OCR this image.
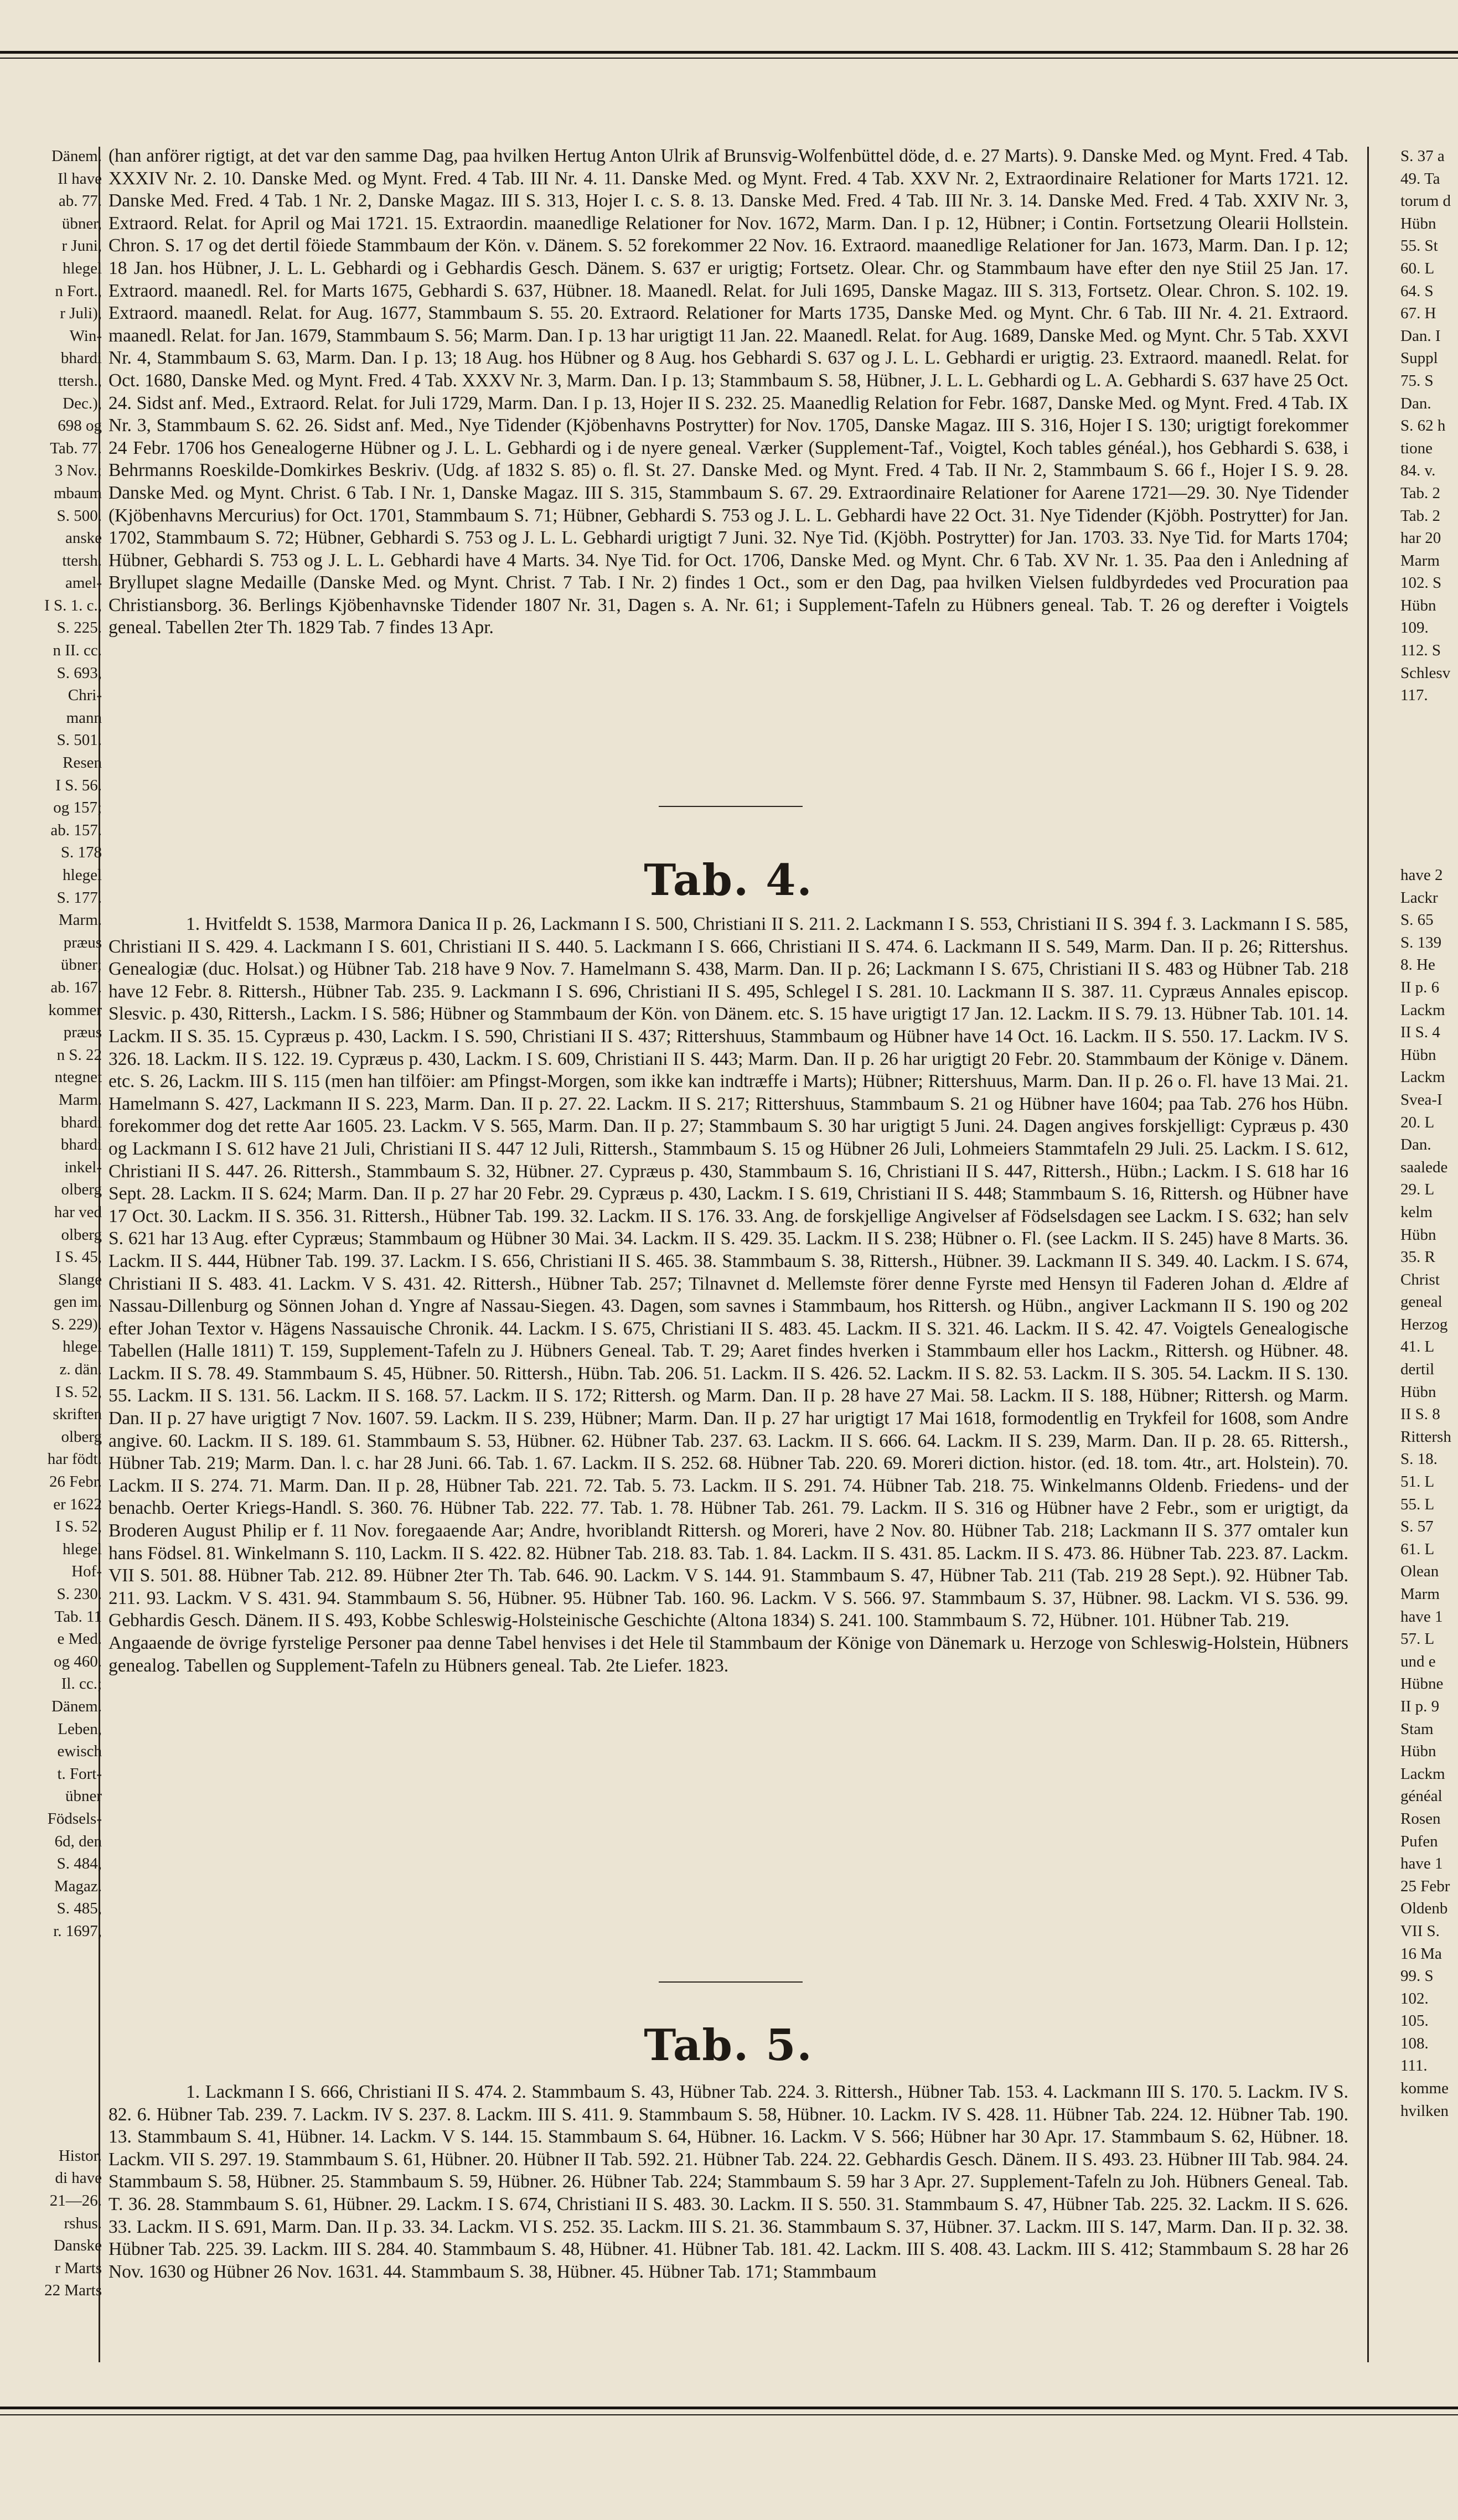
Dänem.
Il have
ab. 77.
übner,
r Juni,
hlegel
n Fort.,
r Juli),
Win-
bhardi
ttersh.,
Dec.),
698 og
Tab. 77.
3 Nov.;
mbaum
S. 500.
anske
ttersh.
amel-
I S. 1. c.,
S. 225.
n II. cc.
S. 693,
Chri-
mann
S. 501.
Resen
I S. 56.
og 157;
ab. 157.
S. 178
hlegel
S. 177.
Marm.
præus
übner;
ab. 167.
kommer
præus
n S. 22
ntegnet
Marm.
bhardi
bhardi
inkel-
olberg
har ved
olberg
I S. 45,
Slange
gen im.
S. 229).
hlegel
z. dän.
I S. 52,
skriften
olberg
har födt.
26 Febr.
er 1622
I S. 52,
hlegel
Hof-
S. 230.
Tab. 11
e Med.
og 460.
Il. cc.;
Dänem.
Leben,
ewisch
t. Fort-
übner
Födsels-
6d, den
S. 484,
Magaz.
S. 485,
r. 1697,
Histor.
di have
21—26.
rshus.
Danske
r Marts
22 Marts
S. 37 a
49. Ta
torum d
Hübn
55. St
60. L
64. S
67. H
Dan. I
Suppl
75. S
Dan.
S. 62 h
tione
84. v.
Tab. 2
Tab. 2
har 20
Marm
102. S
Hübn
109.
112. S
Schlesv
117.
have 2
Lackr
S. 65
S. 139
8. He
II p. 6
Lackm
II S. 4
Hübn
Lackm
Svea-I
20. L
Dan.
saalede
29. L
kelm
Hübn
35. R
Christ
geneal
Herzog
41. L
dertil
Hübn
II S. 8
Rittersh
S. 18.
51. L
55. L
S. 57
61. L
Olean
Marm
have 1
57. L
und e
Hübne
II p. 9
Stam
Hübn
Lackm
généal
Rosen
Pufen
have 1
25 Febr
Oldenb
VII S.
16 Ma
99. S
102.
105.
108.
111.
komme
hvilken

(han anförer rigtigt, at det var den samme Dag, paa hvilken Hertug Anton Ulrik af Brunsvig-Wolfenbüttel döde, d. e. 27 Marts). 9. Danske Med. og Mynt. Fred. 4 Tab. XXXIV Nr. 2. 10. Danske Med. og Mynt. Fred. 4 Tab. III Nr. 4. 11. Danske Med. og Mynt. Fred. 4 Tab. XXV Nr. 2, Extraordinaire Relationer for Marts 1721. 12. Danske Med. Fred. 4 Tab. 1 Nr. 2, Danske Magaz. III S. 313, Hojer I. c. S. 8. 13. Danske Med. Fred. 4 Tab. III Nr. 3. 14. Danske Med. Fred. 4 Tab. XXIV Nr. 3, Extraord. Relat. for April og Mai 1721. 15. Extraordin. maanedlige Relationer for Nov. 1672, Marm. Dan. I p. 12, Hübner; i Contin. Fortsetzung Olearii Hollstein. Chron. S. 17 og det dertil föiede Stammbaum der Kön. v. Dänem. S. 52 forekommer 22 Nov. 16. Extraord. maanedlige Relationer for Jan. 1673, Marm. Dan. I p. 12; 18 Jan. hos Hübner, J. L. L. Gebhardi og i Gebhardis Gesch. Dänem. S. 637 er urigtig; Fortsetz. Olear. Chr. og Stammbaum have efter den nye Stiil 25 Jan. 17. Extraord. maanedl. Rel. for Marts 1675, Gebhardi S. 637, Hübner. 18. Maanedl. Relat. for Juli 1695, Danske Magaz. III S. 313, Fortsetz. Olear. Chron. S. 102. 19. Extraord. maanedl. Relat. for Aug. 1677, Stammbaum S. 55. 20. Extraord. Relationer for Marts 1735, Danske Med. og Mynt. Chr. 6 Tab. III Nr. 4. 21. Extraord. maanedl. Relat. for Jan. 1679, Stammbaum S. 56; Marm. Dan. I p. 13 har urigtigt 11 Jan. 22. Maanedl. Relat. for Aug. 1689, Danske Med. og Mynt. Chr. 5 Tab. XXVI Nr. 4, Stammbaum S. 63, Marm. Dan. I p. 13; 18 Aug. hos Hübner og 8 Aug. hos Gebhardi S. 637 og J. L. L. Gebhardi er urigtig. 23. Extraord. maanedl. Relat. for Oct. 1680, Danske Med. og Mynt. Fred. 4 Tab. XXXV Nr. 3, Marm. Dan. I p. 13; Stammbaum S. 58, Hübner, J. L. L. Gebhardi og L. A. Gebhardi S. 637 have 25 Oct. 24. Sidst anf. Med., Extraord. Relat. for Juli 1729, Marm. Dan. I p. 13, Hojer II S. 232. 25. Maanedlig Relation for Febr. 1687, Danske Med. og Mynt. Fred. 4 Tab. IX Nr. 3, Stammbaum S. 62. 26. Sidst anf. Med., Nye Tidender (Kjöbenhavns Postrytter) for Nov. 1705, Danske Magaz. III S. 316, Hojer I S. 130; urigtigt forekommer 24 Febr. 1706 hos Genealogerne Hübner og J. L. L. Gebhardi og i de nyere geneal. Værker (Supplement-Taf., Voigtel, Koch tables généal.), hos Gebhardi S. 638, i Behrmanns Roeskilde-Domkirkes Beskriv. (Udg. af 1832 S. 85) o. fl. St. 27. Danske Med. og Mynt. Fred. 4 Tab. II Nr. 2, Stammbaum S. 66 f., Hojer I S. 9. 28. Danske Med. og Mynt. Christ. 6 Tab. I Nr. 1, Danske Magaz. III S. 315, Stammbaum S. 67. 29. Extraordinaire Relationer for Aarene 1721—29. 30. Nye Tidender (Kjöbenhavns Mercurius) for Oct. 1701, Stammbaum S. 71; Hübner, Gebhardi S. 753 og J. L. L. Gebhardi have 22 Oct. 31. Nye Tidender (Kjöbh. Postrytter) for Jan. 1702, Stammbaum S. 72; Hübner, Gebhardi S. 753 og J. L. L. Gebhardi urigtigt 7 Juni. 32. Nye Tid. (Kjöbh. Postrytter) for Jan. 1703. 33. Nye Tid. for Marts 1704; Hübner, Gebhardi S. 753 og J. L. L. Gebhardi have 4 Marts. 34. Nye Tid. for Oct. 1706, Danske Med. og Mynt. Chr. 6 Tab. XV Nr. 1. 35. Paa den i Anledning af Bryllupet slagne Medaille (Danske Med. og Mynt. Christ. 7 Tab. I Nr. 2) findes 1 Oct., som er den Dag, paa hvilken Vielsen fuldbyrdedes ved Procuration paa Christiansborg. 36. Berlings Kjöbenhavnske Tidender 1807 Nr. 31, Dagen s. A. Nr. 61; i Supplement-Tafeln zu Hübners geneal. Tab. T. 26 og derefter i Voigtels geneal. Tabellen 2ter Th. 1829 Tab. 7 findes 13 Apr.

Tab. 4.

1. Hvitfeldt S. 1538, Marmora Danica II p. 26, Lackmann I S. 500, Christiani II S. 211. 2. Lackmann I S. 553, Christiani II S. 394 f. 3. Lackmann I S. 585, Christiani II S. 429. 4. Lackmann I S. 601, Christiani II S. 440. 5. Lackmann I S. 666, Christiani II S. 474. 6. Lackmann II S. 549, Marm. Dan. II p. 26; Rittershus. Genealogiæ (duc. Holsat.) og Hübner Tab. 218 have 9 Nov. 7. Hamelmann S. 438, Marm. Dan. II p. 26; Lackmann I S. 675, Christiani II S. 483 og Hübner Tab. 218 have 12 Febr. 8. Rittersh., Hübner Tab. 235. 9. Lackmann I S. 696, Christiani II S. 495, Schlegel I S. 281. 10. Lackmann II S. 387. 11. Cypræus Annales episcop. Slesvic. p. 430, Rittersh., Lackm. I S. 586; Hübner og Stammbaum der Kön. von Dänem. etc. S. 15 have urigtigt 17 Jan. 12. Lackm. II S. 79. 13. Hübner Tab. 101. 14. Lackm. II S. 35. 15. Cypræus p. 430, Lackm. I S. 590, Christiani II S. 437; Rittershuus, Stammbaum og Hübner have 14 Oct. 16. Lackm. II S. 550. 17. Lackm. IV S. 326. 18. Lackm. II S. 122. 19. Cypræus p. 430, Lackm. I S. 609, Christiani II S. 443; Marm. Dan. II p. 26 har urigtigt 20 Febr. 20. Stammbaum der Könige v. Dänem. etc. S. 26, Lackm. III S. 115 (men han tilföier: am Pfingst-Morgen, som ikke kan indtræffe i Marts); Hübner; Rittershuus, Marm. Dan. II p. 26 o. Fl. have 13 Mai. 21. Hamelmann S. 427, Lackmann II S. 223, Marm. Dan. II p. 27. 22. Lackm. II S. 217; Rittershuus, Stammbaum S. 21 og Hübner have 1604; paa Tab. 276 hos Hübn. forekommer dog det rette Aar 1605. 23. Lackm. V S. 565, Marm. Dan. II p. 27; Stammbaum S. 30 har urigtigt 5 Juni. 24. Dagen angives forskjelligt: Cypræus p. 430 og Lackmann I S. 612 have 21 Juli, Christiani II S. 447 12 Juli, Rittersh., Stammbaum S. 15 og Hübner 26 Juli, Lohmeiers Stammtafeln 29 Juli. 25. Lackm. I S. 612, Christiani II S. 447. 26. Rittersh., Stammbaum S. 32, Hübner. 27. Cypræus p. 430, Stammbaum S. 16, Christiani II S. 447, Rittersh., Hübn.; Lackm. I S. 618 har 16 Sept. 28. Lackm. II S. 624; Marm. Dan. II p. 27 har 20 Febr. 29. Cypræus p. 430, Lackm. I S. 619, Christiani II S. 448; Stammbaum S. 16, Rittersh. og Hübner have 17 Oct. 30. Lackm. II S. 356. 31. Rittersh., Hübner Tab. 199. 32. Lackm. II S. 176. 33. Ang. de forskjellige Angivelser af Födselsdagen see Lackm. I S. 632; han selv S. 621 har 13 Aug. efter Cypræus; Stammbaum og Hübner 30 Mai. 34. Lackm. II S. 429. 35. Lackm. II S. 238; Hübner o. Fl. (see Lackm. II S. 245) have 8 Marts. 36. Lackm. II S. 444, Hübner Tab. 199. 37. Lackm. I S. 656, Christiani II S. 465. 38. Stammbaum S. 38, Rittersh., Hübner. 39. Lackmann II S. 349. 40. Lackm. I S. 674, Christiani II S. 483. 41. Lackm. V S. 431. 42. Rittersh., Hübner Tab. 257; Tilnavnet d. Mellemste förer denne Fyrste med Hensyn til Faderen Johan d. Ældre af Nassau-Dillenburg og Sönnen Johan d. Yngre af Nassau-Siegen. 43. Dagen, som savnes i Stammbaum, hos Rittersh. og Hübn., angiver Lackmann II S. 190 og 202 efter Johan Textor v. Hägens Nassauische Chronik. 44. Lackm. I S. 675, Christiani II S. 483. 45. Lackm. II S. 321. 46. Lackm. II S. 42. 47. Voigtels Genealogische Tabellen (Halle 1811) T. 159, Supplement-Tafeln zu J. Hübners Geneal. Tab. T. 29; Aaret findes hverken i Stammbaum eller hos Lackm., Rittersh. og Hübner. 48. Lackm. II S. 78. 49. Stammbaum S. 45, Hübner. 50. Rittersh., Hübn. Tab. 206. 51. Lackm. II S. 426. 52. Lackm. II S. 82. 53. Lackm. II S. 305. 54. Lackm. II S. 130. 55. Lackm. II S. 131. 56. Lackm. II S. 168. 57. Lackm. II S. 172; Rittersh. og Marm. Dan. II p. 28 have 27 Mai. 58. Lackm. II S. 188, Hübner; Rittersh. og Marm. Dan. II p. 27 have urigtigt 7 Nov. 1607. 59. Lackm. II S. 239, Hübner; Marm. Dan. II p. 27 har urigtigt 17 Mai 1618, formodentlig en Trykfeil for 1608, som Andre angive. 60. Lackm. II S. 189. 61. Stammbaum S. 53, Hübner. 62. Hübner Tab. 237. 63. Lackm. II S. 666. 64. Lackm. II S. 239, Marm. Dan. II p. 28. 65. Rittersh., Hübner Tab. 219; Marm. Dan. l. c. har 28 Juni. 66. Tab. 1. 67. Lackm. II S. 252. 68. Hübner Tab. 220. 69. Moreri diction. histor. (ed. 18. tom. 4tr., art. Holstein). 70. Lackm. II S. 274. 71. Marm. Dan. II p. 28, Hübner Tab. 221. 72. Tab. 5. 73. Lackm. II S. 291. 74. Hübner Tab. 218. 75. Winkelmanns Oldenb. Friedens- und der benachb. Oerter Kriegs-Handl. S. 360. 76. Hübner Tab. 222. 77. Tab. 1. 78. Hübner Tab. 261. 79. Lackm. II S. 316 og Hübner have 2 Febr., som er urigtigt, da Broderen August Philip er f. 11 Nov. foregaaende Aar; Andre, hvoriblandt Rittersh. og Moreri, have 2 Nov. 80. Hübner Tab. 218; Lackmann II S. 377 omtaler kun hans Födsel. 81. Winkelmann S. 110, Lackm. II S. 422. 82. Hübner Tab. 218. 83. Tab. 1. 84. Lackm. II S. 431. 85. Lackm. II S. 473. 86. Hübner Tab. 223. 87. Lackm. VII S. 501. 88. Hübner Tab. 212. 89. Hübner 2ter Th. Tab. 646. 90. Lackm. V S. 144. 91. Stammbaum S. 47, Hübner Tab. 211 (Tab. 219 28 Sept.). 92. Hübner Tab. 211. 93. Lackm. V S. 431. 94. Stammbaum S. 56, Hübner. 95. Hübner Tab. 160. 96. Lackm. V S. 566. 97. Stammbaum S. 37, Hübner. 98. Lackm. VI S. 536. 99. Gebhardis Gesch. Dänem. II S. 493, Kobbe Schleswig-Holsteinische Geschichte (Altona 1834) S. 241. 100. Stammbaum S. 72, Hübner. 101. Hübner Tab. 219.

Angaaende de övrige fyrstelige Personer paa denne Tabel henvises i det Hele til Stammbaum der Könige von Dänemark u. Herzoge von Schleswig-Holstein, Hübners genealog. Tabellen og Supplement-Tafeln zu Hübners geneal. Tab. 2te Liefer. 1823.

Tab. 5.

1. Lackmann I S. 666, Christiani II S. 474. 2. Stammbaum S. 43, Hübner Tab. 224. 3. Rittersh., Hübner Tab. 153. 4. Lackmann III S. 170. 5. Lackm. IV S. 82. 6. Hübner Tab. 239. 7. Lackm. IV S. 237. 8. Lackm. III S. 411. 9. Stammbaum S. 58, Hübner. 10. Lackm. IV S. 428. 11. Hübner Tab. 224. 12. Hübner Tab. 190. 13. Stammbaum S. 41, Hübner. 14. Lackm. V S. 144. 15. Stammbaum S. 64, Hübner. 16. Lackm. V S. 566; Hübner har 30 Apr. 17. Stammbaum S. 62, Hübner. 18. Lackm. VII S. 297. 19. Stammbaum S. 61, Hübner. 20. Hübner II Tab. 592. 21. Hübner Tab. 224. 22. Gebhardis Gesch. Dänem. II S. 493. 23. Hübner III Tab. 984. 24. Stammbaum S. 58, Hübner. 25. Stammbaum S. 59, Hübner. 26. Hübner Tab. 224; Stammbaum S. 59 har 3 Apr. 27. Supplement-Tafeln zu Joh. Hübners Geneal. Tab. T. 36. 28. Stammbaum S. 61, Hübner. 29. Lackm. I S. 674, Christiani II S. 483. 30. Lackm. II S. 550. 31. Stammbaum S. 47, Hübner Tab. 225. 32. Lackm. II S. 626. 33. Lackm. II S. 691, Marm. Dan. II p. 33. 34. Lackm. VI S. 252. 35. Lackm. III S. 21. 36. Stammbaum S. 37, Hübner. 37. Lackm. III S. 147, Marm. Dan. II p. 32. 38. Hübner Tab. 225. 39. Lackm. III S. 284. 40. Stammbaum S. 48, Hübner. 41. Hübner Tab. 181. 42. Lackm. III S. 408. 43. Lackm. III S. 412; Stammbaum S. 28 har 26 Nov. 1630 og Hübner 26 Nov. 1631. 44. Stammbaum S. 38, Hübner. 45. Hübner Tab. 171; Stammbaum
